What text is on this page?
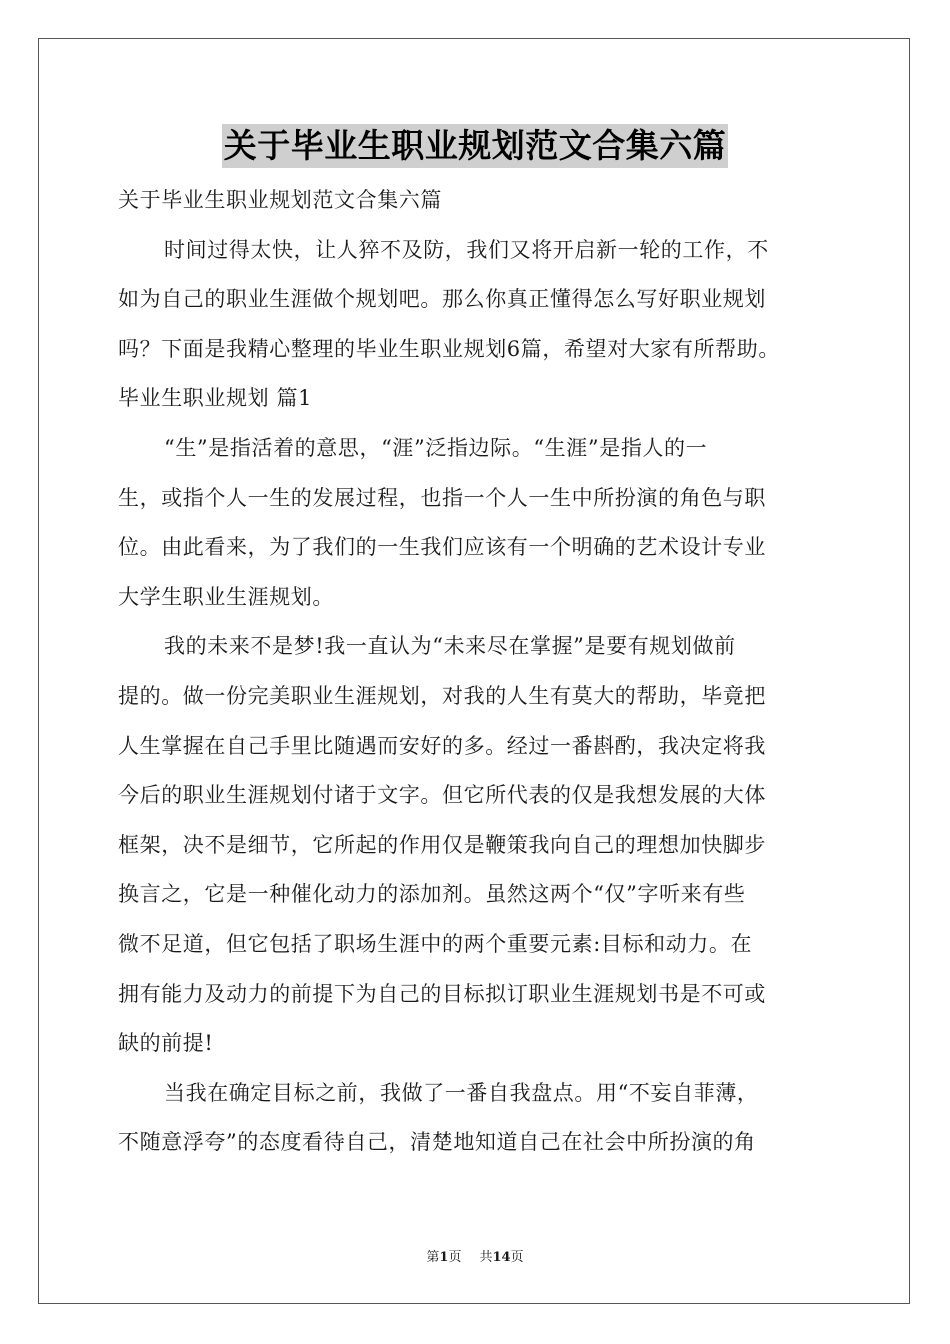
关于毕业生职业规划范文合集六篇
关于毕业生职业规划范文合集六篇
时间过得太快，让人猝不及防，我们又将开启新一轮的工作，不
如为自己的职业生涯做个规划吧。那么你真正懂得怎么写好职业规划
吗？下面是我精心整理的毕业生职业规划6篇，希望对大家有所帮助。
毕业生职业规划 篇1
“生”是指活着的意思，“涯”泛指边际。“生涯”是指人的一
生，或指个人一生的发展过程，也指一个人一生中所扮演的角色与职
位。由此看来，为了我们的一生我们应该有一个明确的艺术设计专业
大学生职业生涯规划。
我的未来不是梦!我一直认为“未来尽在掌握”是要有规划做前
提的。做一份完美职业生涯规划，对我的人生有莫大的帮助，毕竟把
人生掌握在自己手里比随遇而安好的多。经过一番斟酌，我决定将我
今后的职业生涯规划付诸于文字。但它所代表的仅是我想发展的大体
框架，决不是细节，它所起的作用仅是鞭策我向自己的理想加快脚步
换言之，它是一种催化动力的添加剂。虽然这两个“仅”字听来有些
微不足道，但它包括了职场生涯中的两个重要元素:目标和动力。在
拥有能力及动力的前提下为自己的目标拟订职业生涯规划书是不可或
缺的前提!
当我在确定目标之前，我做了一番自我盘点。用“不妄自菲薄，
不随意浮夸”的态度看待自己，清楚地知道自己在社会中所扮演的角
第1页 共14页
